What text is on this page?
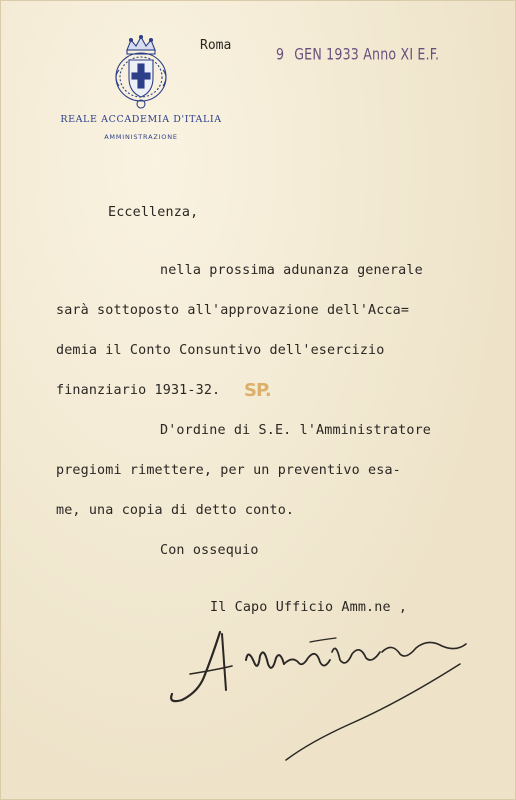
REALE ACCADEMIA D'ITALIA
AMMINISTRAZIONE
Roma
9 GEN 1933 Anno XI E.F.
Eccellenza,
nella prossima adunanza generale
sarà sottoposto all'approvazione dell'Acca=
demia il Conto Consuntivo dell'esercizio
finanziario 1931-32. SP.
D'ordine di S.E. l'Amministratore
pregiomi rimettere, per un preventivo esa-
me, una copia di detto conto.
Con ossequio
Il Capo Ufficio Amm.ne ,
